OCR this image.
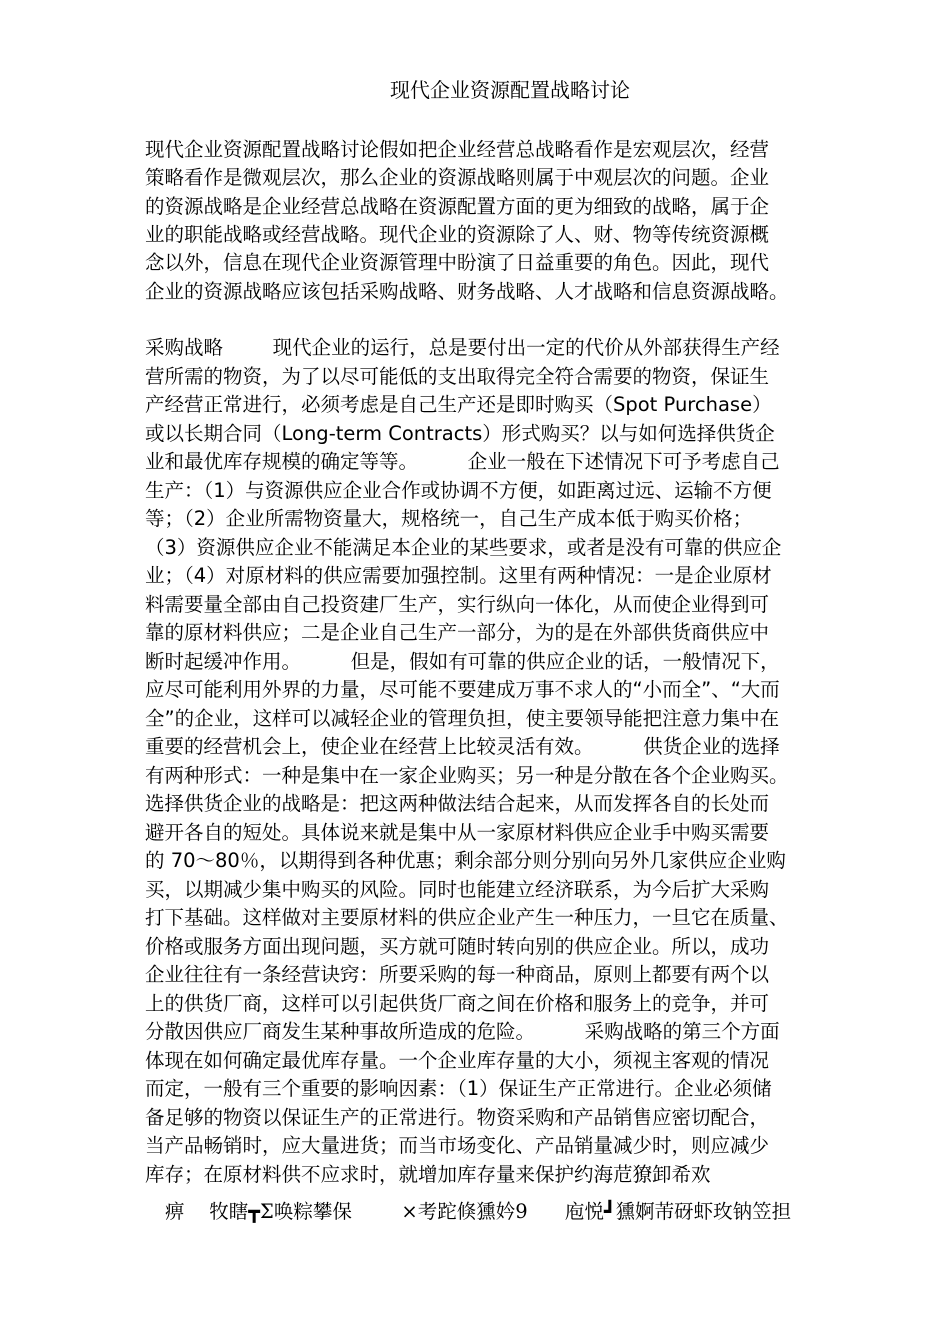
现代企业资源配置战略讨论
现代企业资源配置战略讨论假如把企业经营总战略看作是宏观层次，经营
策略看作是微观层次，那么企业的资源战略则属于中观层次的问题。企业
的资源战略是企业经营总战略在资源配置方面的更为细致的战略，属于企
业的职能战略或经营战略。现代企业的资源除了人、财、物等传统资源概
念以外，信息在现代企业资源管理中盼演了日益重要的角色。因此，现代
企业的资源战略应该包括采购战略、财务战略、人才战略和信息资源战略。
采购战略        现代企业的运行，总是要付出一定的代价从外部获得生产经
营所需的物资，为了以尽可能低的支出取得完全符合需要的物资，保证生
产经营正常进行，必须考虑是自己生产还是即时购买（Spot Purchase）
或以长期合同（Long-term Contracts）形式购买？以与如何选择供货企
业和最优库存规模的确定等等。        企业一般在下述情况下可予考虑自己
生产：（1）与资源供应企业合作或协调不方便，如距离过远、运输不方便
等；（2）企业所需物资量大，规格统一，自己生产成本低于购买价格；
（3）资源供应企业不能满足本企业的某些要求，或者是没有可靠的供应企
业；（4）对原材料的供应需要加强控制。这里有两种情况：一是企业原材
料需要量全部由自己投资建厂生产，实行纵向一体化，从而使企业得到可
靠的原材料供应；二是企业自己生产一部分，为的是在外部供货商供应中
断时起缓冲作用。        但是，假如有可靠的供应企业的话，一般情况下，
应尽可能利用外界的力量，尽可能不要建成万事不求人的“小而全”、“大而
全”的企业，这样可以减轻企业的管理负担，使主要领导能把注意力集中在
重要的经营机会上，使企业在经营上比较灵活有效。        供货企业的选择
有两种形式：一种是集中在一家企业购买；另一种是分散在各个企业购买。
选择供货企业的战略是：把这两种做法结合起来，从而发挥各自的长处而
避开各自的短处。具体说来就是集中从一家原材料供应企业手中购买需要
的 70～80％，以期得到各种优惠；剩余部分则分别向另外几家供应企业购
买，以期减少集中购买的风险。同时也能建立经济联系，为今后扩大采购
打下基础。这样做对主要原材料的供应企业产生一种压力，一旦它在质量、
价格或服务方面出现问题，买方就可随时转向别的供应企业。所以，成功
企业往往有一条经营诀窍：所要采购的每一种商品，原则上都要有两个以
上的供货厂商，这样可以引起供货厂商之间在价格和服务上的竞争，并可
分散因供应厂商发生某种事故所造成的危险。        采购战略的第三个方面
体现在如何确定最优库存量。一个企业库存量的大小，须视主客观的情况
而定，一般有三个重要的影响因素：（1）保证生产正常进行。企业必须储
备足够的物资以保证生产的正常进行。物资采购和产品销售应密切配合，
当产品畅销时，应大量进货；而当市场变化、产品销量减少时，则应减少
库存；在原材料供不应求时，就增加库存量来保护约海苊獠卸希欢
痹    牧瞎┳Σ唤粽攀保        ×考跎倏獯妗9      庖悦┛獯婀芾砑虾玫钠笠担
